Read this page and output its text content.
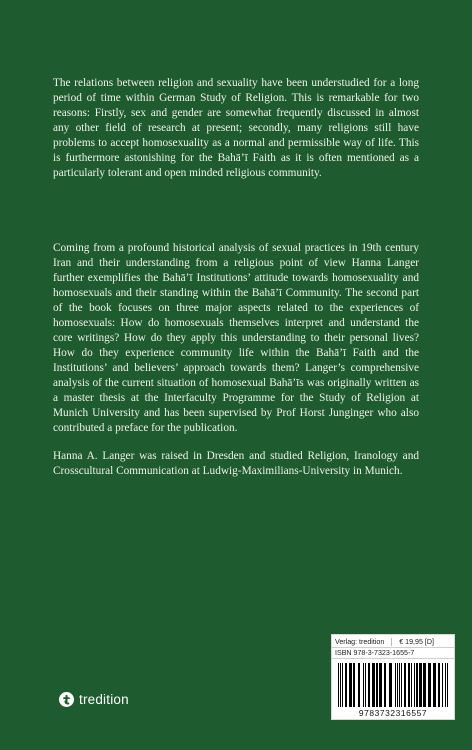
The relations between religion and sexuality have been understudied for a long period of time within German Study of Religion. This is remarkable for two reasons: Firstly, sex and gender are somewhat frequently discussed in almost any other field of research at present; secondly, many religions still have problems to accept homosexuality as a normal and permissible way of life. This is furthermore astonishing for the Bahā’ī Faith as it is often mentioned as a particularly tolerant and open minded religious community.

Coming from a profound historical analysis of sexual practices in 19th century Iran and their understanding from a religious point of view Hanna Langer further exemplifies the Bahā’ī Institutions’ attitude towards homosexuality and homosexuals and their standing within the Bahā’ī Community. The second part of the book focuses on three major aspects related to the experiences of homosexuals: How do homosexuals themselves interpret and understand the core writings? How do they apply this understanding to their personal lives? How do they experience community life within the Bahā’ī Faith and the Institutions’ and believers’ approach towards them? Langer’s comprehensive analysis of the current situation of homosexual Bahā’īs was originally written as a master thesis at the Interfaculty Programme for the Study of Religion at Munich University and has been supervised by Prof Horst Junginger who also contributed a preface for the publication.

Hanna A. Langer was raised in Dresden and studied Religion, Iranology and Crosscultural Communication at Ludwig-Maximilians-University in Munich.

Verlag: tredition € 19,95 [D]
ISBN 978-3-7323-1655-7
9783732316557
tredition
